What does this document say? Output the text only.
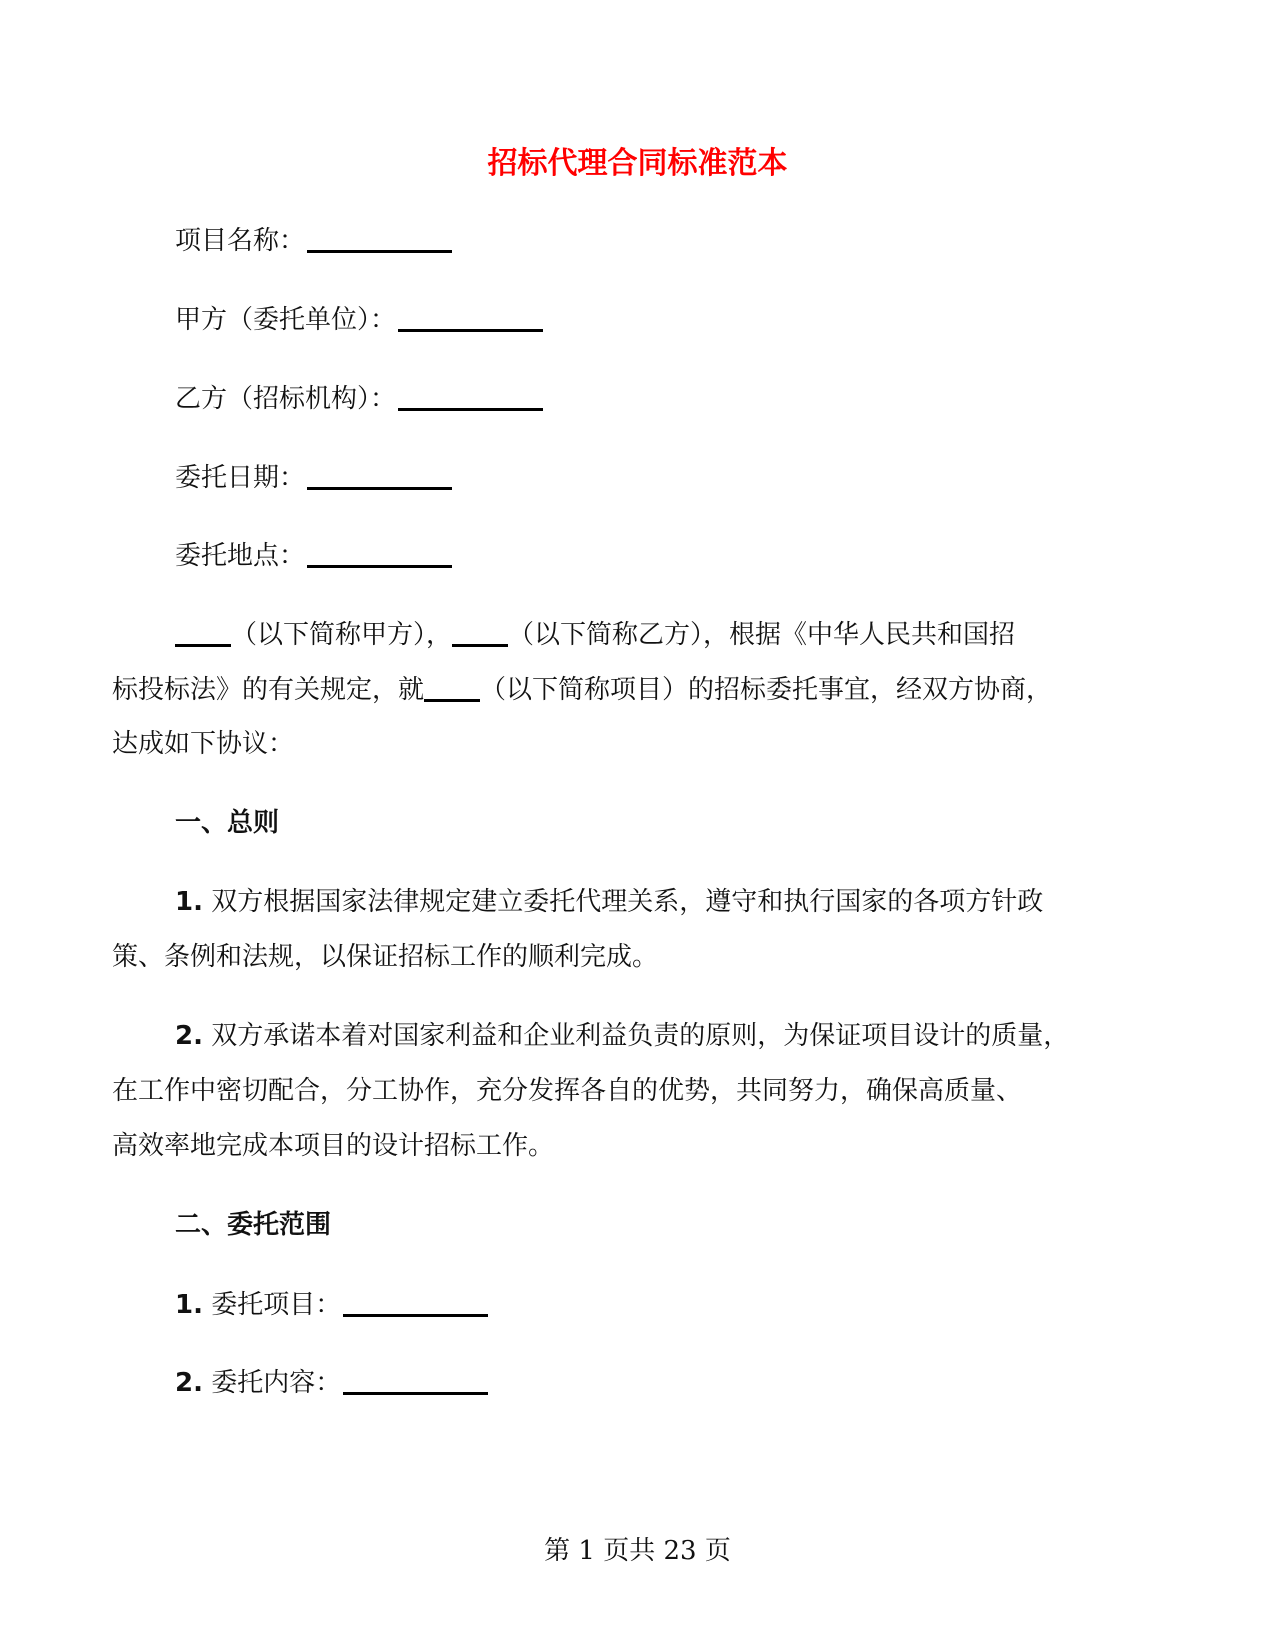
招标代理合同标准范本
项目名称：
甲方（委托单位）：
乙方（招标机构）：
委托日期：
委托地点：
（以下简称甲方）， （以下简称乙方），根据《中华人民共和国招
标投标法》的有关规定，就 （以下简称项目）的招标委托事宜，经双方协商，
达成如下协议：
一、总则
1. 双方根据国家法律规定建立委托代理关系，遵守和执行国家的各项方针政
策、条例和法规，以保证招标工作的顺利完成。
2. 双方承诺本着对国家利益和企业利益负责的原则，为保证项目设计的质量，
在工作中密切配合，分工协作，充分发挥各自的优势，共同努力，确保高质量、
高效率地完成本项目的设计招标工作。
二、委托范围
1. 委托项目：
2. 委托内容：
第 1 页共 23 页
